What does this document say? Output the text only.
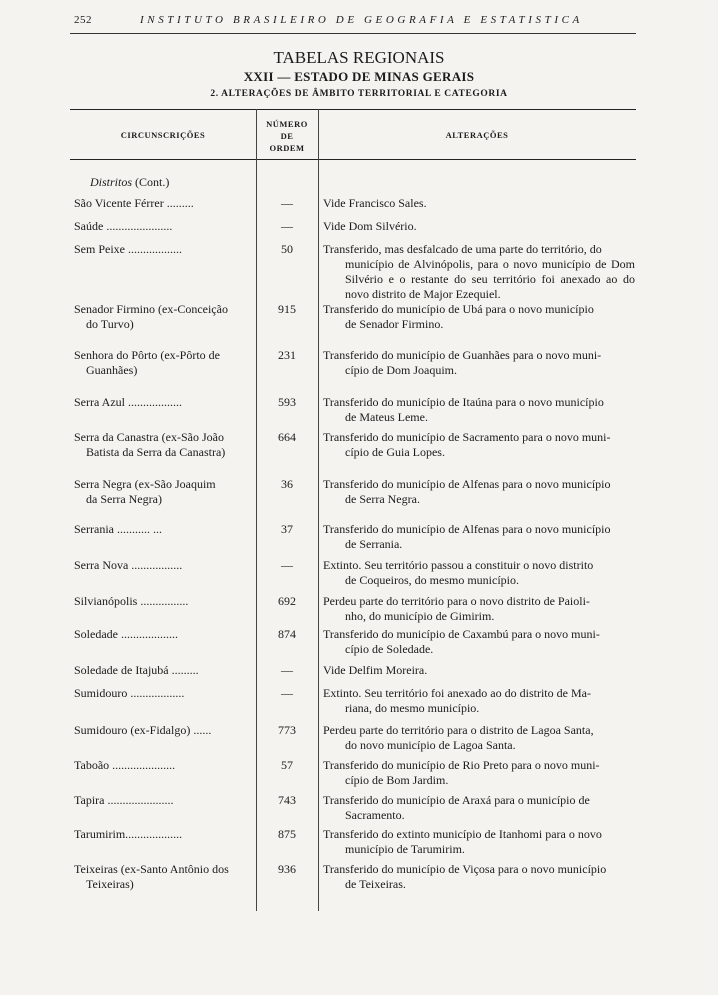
252	INSTITUTO BRASILEIRO DE GEOGRAFIA E ESTATISTICA
TABELAS REGIONAIS
XXII — ESTADO DE MINAS GERAIS
2. ALTERAÇÕES DE ÂMBITO TERRITORIAL E CATEGORIA
CIRCUNSCRIÇÕES
NÚMERO
DE
ORDEM
ALTERAÇÕES
Distritos (Cont.)
São Vicente Férrer .........	—	Vide Francisco Sales.
Saúde ......................	—	Vide Dom Silvério.
Sem Peixe ..................	50	Transferido, mas desfalcado de uma parte do território, do
município de Alvinópolis, para o novo município de Dom Silvério e o restante do seu território foi anexado ao do novo distrito de Major Ezequiel.
Senador Firmino (ex-Conceição
do Turvo)
915	Transferido do município de Ubá para o novo município
de Senador Firmino.
Senhora do Pôrto (ex-Pôrto de
Guanhães)
231	Transferido do município de Guanhães para o novo muni-
cípio de Dom Joaquim.
Serra Azul ..................	593	Transferido do município de Itaúna para o novo município
de Mateus Leme.
Serra da Canastra (ex-São João
Batista da Serra da Canastra)
664	Transferido do município de Sacramento para o novo muni-
cípio de Guia Lopes.
Serra Negra (ex-São Joaquim
da Serra Negra)
36	Transferido do município de Alfenas para o novo município
de Serra Negra.
Serrania ........... ...	37	Transferido do município de Alfenas para o novo município
de Serrania.
Serra Nova .................	—	Extinto. Seu território passou a constituir o novo distrito
de Coqueiros, do mesmo município.
Silvianópolis ................	692	Perdeu parte do território para o novo distrito de Paioli-
nho, do município de Gimirim.
Soledade ...................	874	Transferido do município de Caxambú para o novo muni-
cípio de Soledade.
Soledade de Itajubá .........	—	Vide Delfim Moreira.
Sumidouro ..................	—	Extinto. Seu território foi anexado ao do distrito de Ma-
riana, do mesmo município.
Sumidouro (ex-Fidalgo) ......	773	Perdeu parte do território para o distrito de Lagoa Santa,
do novo município de Lagoa Santa.
Taboão .....................	57	Transferido do município de Rio Preto para o novo muni-
cípio de Bom Jardim.
Tapira ......................	743	Transferido do município de Araxá para o município de
Sacramento.
Tarumirim...................	875	Transferido do extinto município de Itanhomi para o novo
município de Tarumirim.
Teixeiras (ex-Santo Antônio dos
Teixeiras)
936	Transferido do município de Viçosa para o novo município
de Teixeiras.
